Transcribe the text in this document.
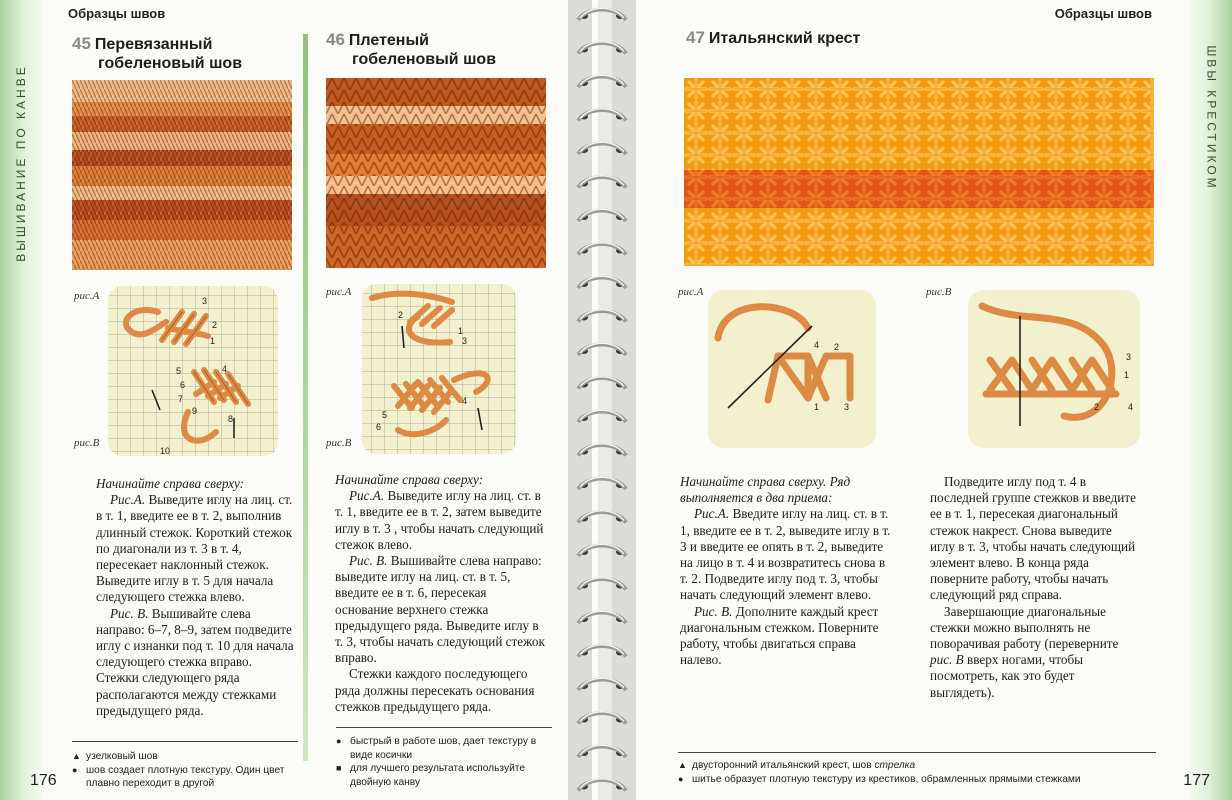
ВЫШИВАНИЕ ПО КАНВЕ
Образцы швов
45 Перевязанный
гобеленовый шов
рис.А
рис.В
3
2
1
5	4
6
7
9
8
10

Начинайте справа сверху:

Рис.А. Выведите иглу на лиц. ст. в т. 1, введите ее в т. 2, выполнив длинный стежок. Короткий стежок по диагонали из т. 3 в т. 4, пересекает наклонный стежок. Выведите иглу в т. 5 для начала следующего стежка влево.

Рис. В. Вышивайте слева направо: 6–7, 8–9, затем подведите иглу с изнанки под т. 10 для начала следующего стежка вправо. Стежки следующего ряда располагаются между стежками предыдущего ряда.

▲ узелковый шов
● шов создает плотную текстуру. Один цвет плавно переходит в другой
46 Плетеный
гобеленовый шов
рис.А
рис.В
2
1
3
4
5
6

Начинайте справа сверху:

Рис.А. Выведите иглу на лиц. ст. в т. 1, введите ее в т. 2, затем выведите иглу в т. 3 , чтобы начать следующий стежок влево.

Рис. В. Вышивайте слева направо: выведите иглу на лиц. ст. в т. 5, введите ее в т. 6, пересекая основание верхнего стежка предыдущего ряда. Выведите иглу в т. 3, чтобы начать следующий стежок вправо.

Стежки каждого последующего ряда должны пересекать основания стежков предыдущего ряда.

● быстрый в работе шов, дает текстуру в виде косички
■ для лучшего результата используйте двойную канву
176
ШВЫ КРЕСТИКОМ
Образцы швов
47 Итальянский крест
рис.А	рис.В
4 2
1	3
3
1
2	4

Начинайте справа сверху. Ряд выполняется в два приема:

Рис.А. Введите иглу на лиц. ст. в т. 1, введите ее в т. 2, выведите иглу в т. 3 и введите ее опять в т. 2, выведите на лицо в т. 4 и возвратитесь снова в т. 2. Подведите иглу под т. 3, чтобы начать следующий элемент влево.

Рис. В. Дополните каждый крест диагональным стежком. Поверните работу, чтобы двигаться справа налево.

Подведите иглу под т. 4 в последней группе стежков и введите ее в т. 1, пересекая диагональный стежок накрест. Снова выведите иглу в т. 3, чтобы начать следующий элемент влево. В конца ряда поверните работу, чтобы начать следующий ряд справа.

Завершающие диагональные стежки можно выполнять не поворачивая работу (переверните рис. В вверх ногами, чтобы посмотреть, как это будет выглядеть).

▲ двусторонний итальянский крест, шов стрелка
● шитье образует плотную текстуру из крестиков, обрамленных прямыми стежками	177
